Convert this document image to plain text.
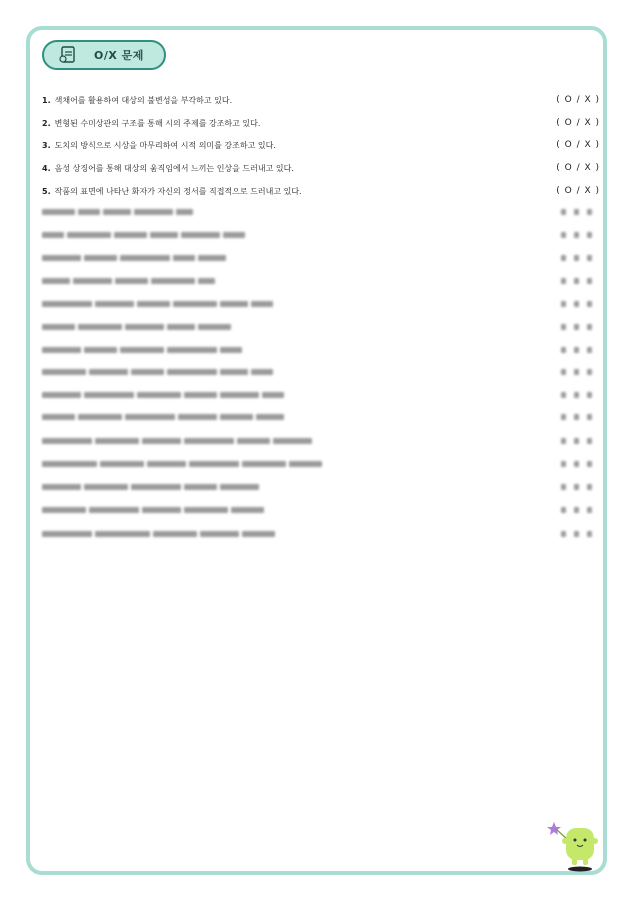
O/X 문제
1. 색채어를 활용하여 대상의 불변성을 부각하고 있다.	( O / X )
2. 변형된 수미상관의 구조를 통해 시의 주제를 강조하고 있다.	( O / X )
3. 도치의 방식으로 시상을 마무리하여 시적 의미를 강조하고 있다.	( O / X )
4. 음성 상징어를 통해 대상의 움직임에서 느끼는 인상을 드러내고 있다.	( O / X )
5. 작품의 표면에 나타난 화자가 자신의 정서를 직접적으로 드러내고 있다.	( O / X )
